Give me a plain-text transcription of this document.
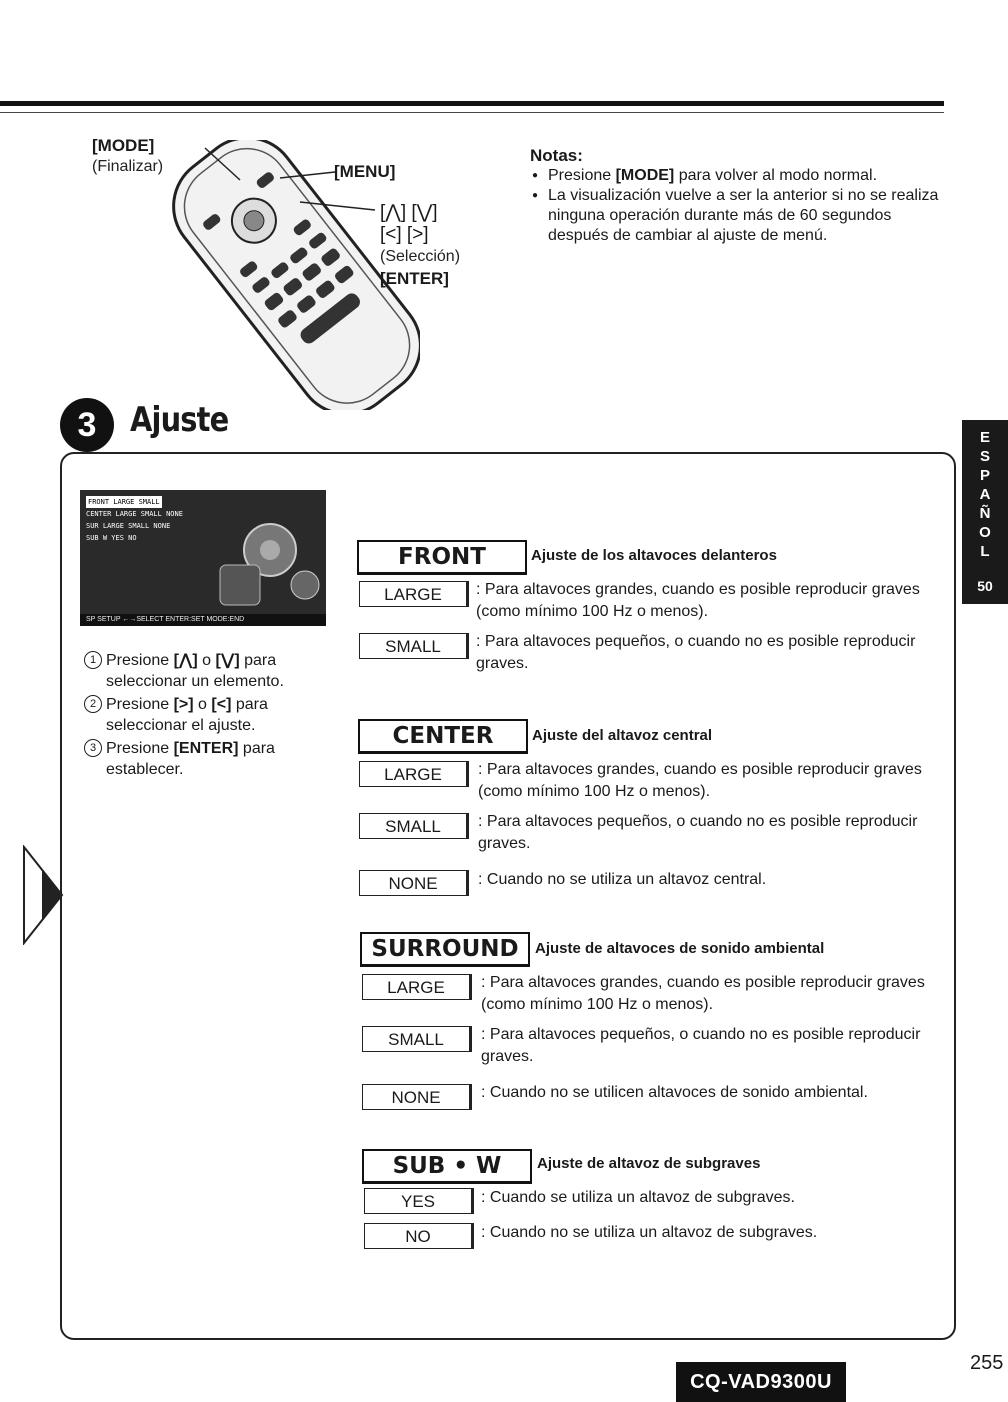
[MODE]
(Finalizar)	[MENU]
[⋀] [⋁]
[<] [>]
(Selección)
[ENTER]
Notas:
● Presione [MODE] para volver al modo normal.
● La visualización vuelve a ser la anterior si no se realiza ninguna operación durante más de 60 segundos después de cambiar al ajuste de menú.
3 Ajuste
FRONT LARGE SMALL

CENTER LARGE SMALL NONE
SUR LARGE SMALL NONE
SUB W YES NO
SP SETUP ←→SELECT ENTER:SET MODE:END
1 Presione [⋀] o [⋁] para seleccionar un elemento.
2 Presione [>] o [<] para seleccionar el ajuste.
3 Presione [ENTER] para establecer.
FRONT	Ajuste de los altavoces delanteros
LARGE	: Para altavoces grandes, cuando es posible reproducir graves (como mínimo 100 Hz o menos).
SMALL	: Para altavoces pequeños, o cuando no es posible reproducir graves.
CENTER	Ajuste del altavoz central
LARGE	: Para altavoces grandes, cuando es posible reproducir graves (como mínimo 100 Hz o menos).
SMALL	: Para altavoces pequeños, o cuando no es posible reproducir graves.
NONE	: Cuando no se utiliza un altavoz central.
SURROUND	Ajuste de altavoces de sonido ambiental
LARGE	: Para altavoces grandes, cuando es posible reproducir graves (como mínimo 100 Hz o menos).
SMALL	: Para altavoces pequeños, o cuando no es posible reproducir graves.
NONE	: Cuando no se utilicen altavoces de sonido ambiental.
SUB • W	Ajuste de altavoz de subgraves
YES	: Cuando se utiliza un altavoz de subgraves.
NO	: Cuando no se utiliza un altavoz de subgraves.
E
S
P
A
Ñ
O
L
50
CQ-VAD9300U
255
